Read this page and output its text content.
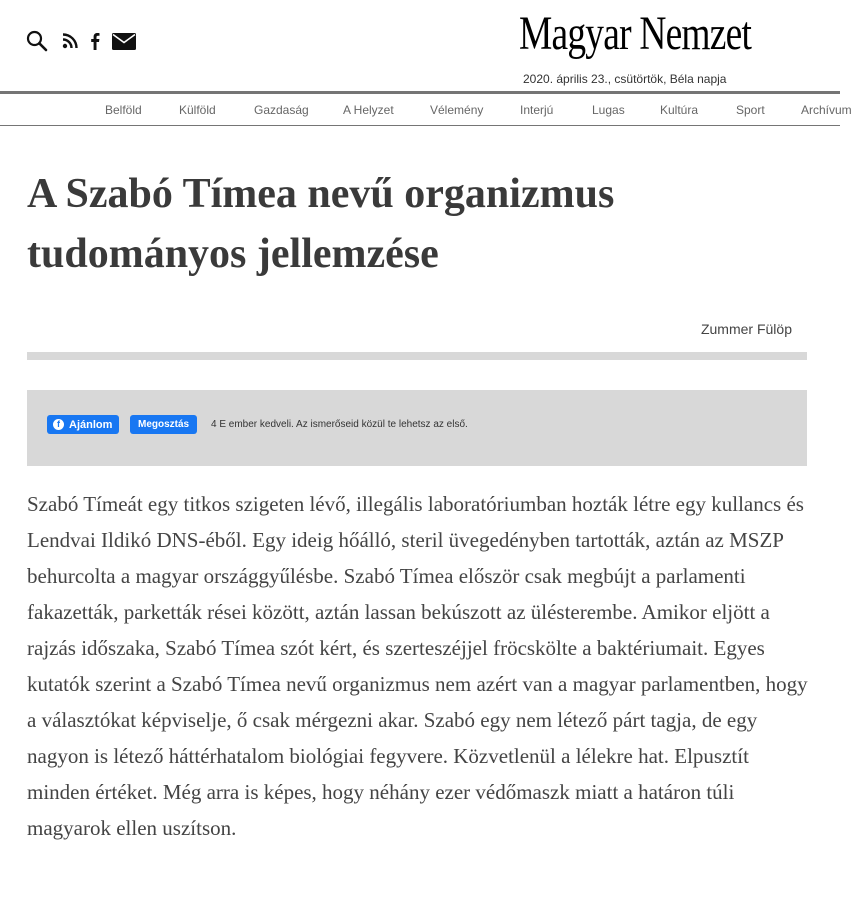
Magyar Nemzet
2020. április 23., csütörtök, Béla napja
Belföld	Külföld	Gazdaság	A Helyzet	Vélemény	Interjú	Lugas	Kultúra	Sport	Archívum
A Szabó Tímea nevű organizmus tudományos jellemzése
Zummer Fülöp
f Ajánlom	Megosztás 4 E ember kedveli. Az ismerőseid közül te lehetsz az első.

Szabó Tímeát egy titkos szigeten lévő, illegális laboratóriumban hozták létre egy kullancs és Lendvai Ildikó DNS-éből. Egy ideig hőálló, steril üvegedényben tartották, aztán az MSZP behurcolta a magyar országgyűlésbe. Szabó Tímea először csak megbújt a parlamenti fakazetták, parketták rései között, aztán lassan bekúszott az ülésterembe. Amikor eljött a rajzás időszaka, Szabó Tímea szót kért, és szerteszéjjel fröcskölte a baktériumait. Egyes kutatók szerint a Szabó Tímea nevű organizmus nem azért van a magyar parlamentben, hogy a választókat képviselje, ő csak mérgezni akar. Szabó egy nem létező párt tagja, de egy nagyon is létező háttérhatalom biológiai fegyvere. Közvetlenül a lélekre hat. Elpusztít minden értéket. Még arra is képes, hogy néhány ezer védőmaszk miatt a határon túli magyarok ellen uszítson.
